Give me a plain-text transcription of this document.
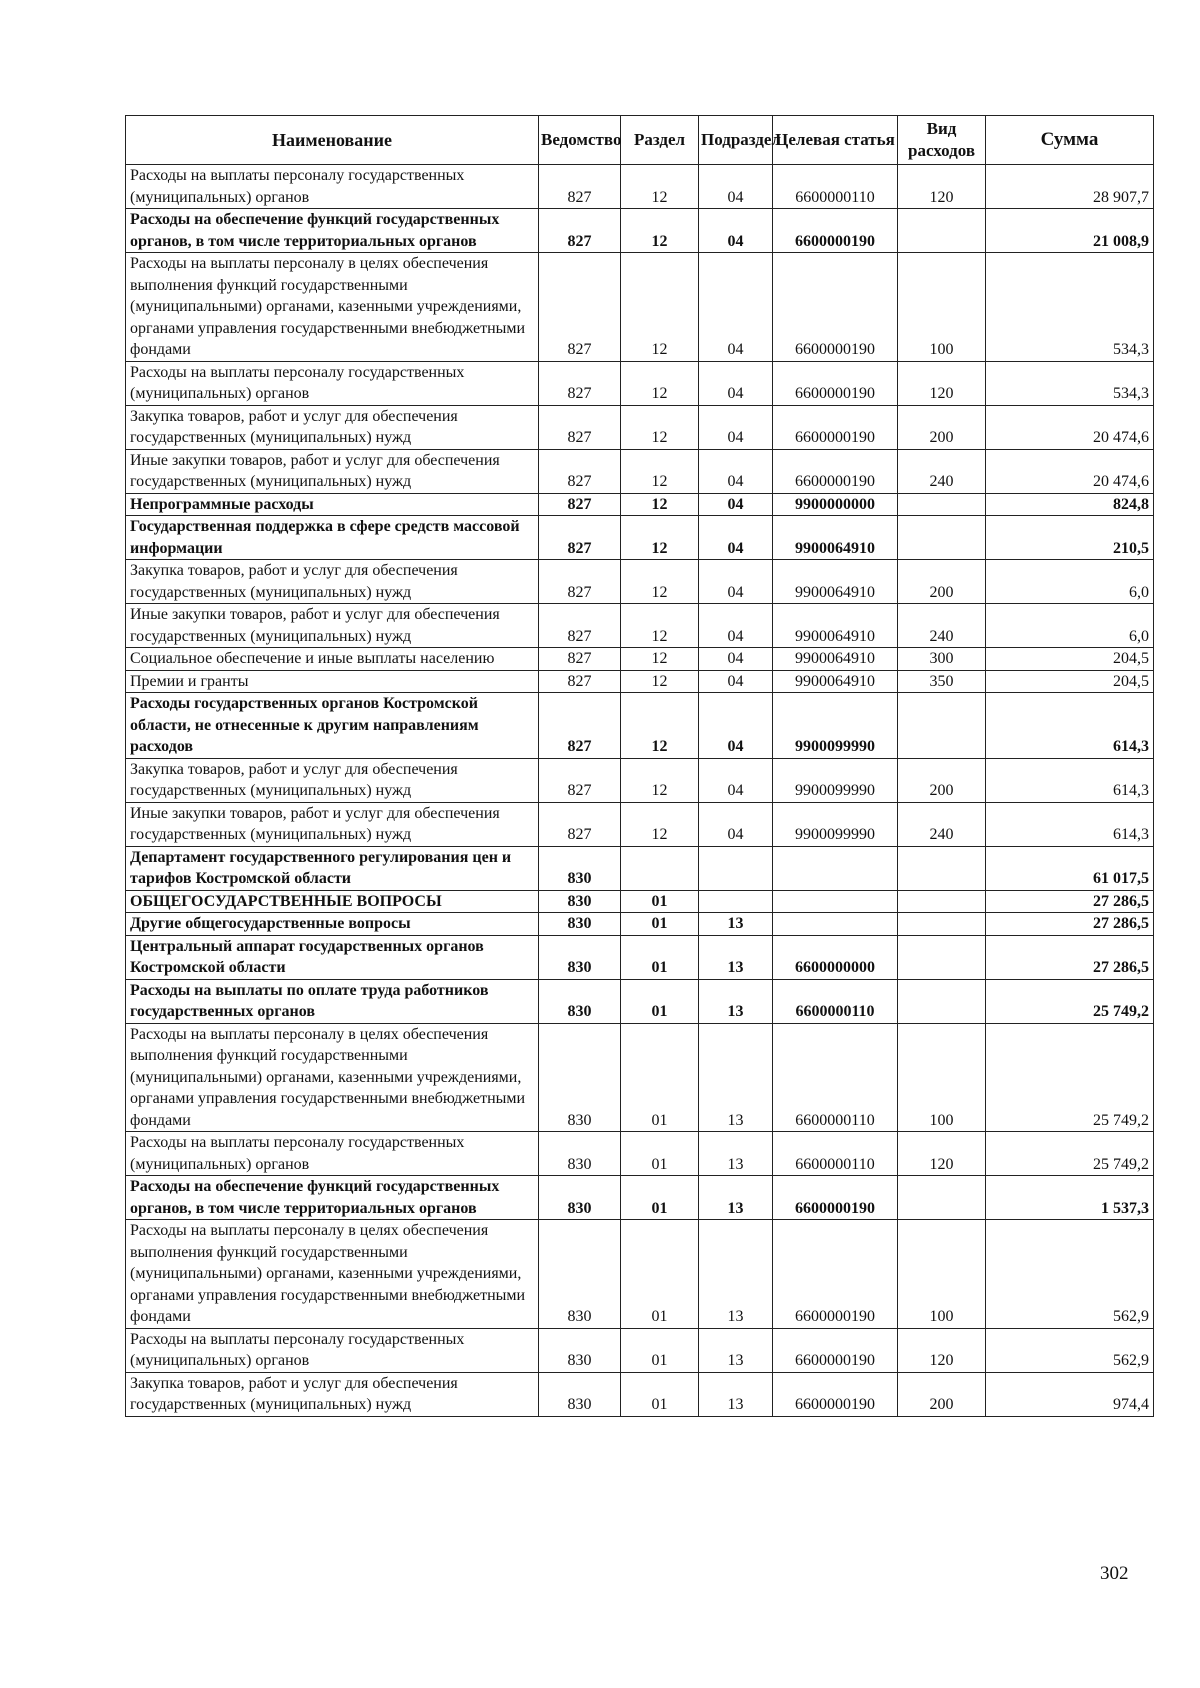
Наименование	Ведомство	Раздел	Подраздел	Целевая статья	Вид расходов	Сумма
Расходы на выплаты персоналу государственных (муниципальных) органов	827	12	04	6600000110	120	28 907,7
Расходы на обеспечение функций государственных органов, в том числе территориальных органов	827	12	04	6600000190		21 008,9
Расходы на выплаты персоналу в целях обеспечения выполнения функций государственными (муниципальными) органами, казенными учреждениями, органами управления государственными внебюджетными фондами	827	12	04	6600000190	100	534,3
Расходы на выплаты персоналу государственных (муниципальных) органов	827	12	04	6600000190	120	534,3
Закупка товаров, работ и услуг для обеспечения государственных (муниципальных) нужд	827	12	04	6600000190	200	20 474,6
Иные закупки товаров, работ и услуг для обеспечения государственных (муниципальных) нужд	827	12	04	6600000190	240	20 474,6
Непрограммные расходы	827	12	04	9900000000		824,8
Государственная поддержка в сфере средств массовой информации	827	12	04	9900064910		210,5
Закупка товаров, работ и услуг для обеспечения государственных (муниципальных) нужд	827	12	04	9900064910	200	6,0
Иные закупки товаров, работ и услуг для обеспечения государственных (муниципальных) нужд	827	12	04	9900064910	240	6,0
Социальное обеспечение и иные выплаты населению	827	12	04	9900064910	300	204,5
Премии и гранты	827	12	04	9900064910	350	204,5
Расходы государственных органов Костромской области, не отнесенные к другим направлениям расходов	827	12	04	9900099990		614,3
Закупка товаров, работ и услуг для обеспечения государственных (муниципальных) нужд	827	12	04	9900099990	200	614,3
Иные закупки товаров, работ и услуг для обеспечения государственных (муниципальных) нужд	827	12	04	9900099990	240	614,3
Департамент государственного регулирования цен и тарифов Костромской области	830					61 017,5
ОБЩЕГОСУДАРСТВЕННЫЕ ВОПРОСЫ	830	01				27 286,5
Другие общегосударственные вопросы	830	01	13			27 286,5
Центральный аппарат государственных органов Костромской области	830	01	13	6600000000		27 286,5
Расходы на выплаты по оплате труда работников государственных органов	830	01	13	6600000110		25 749,2
Расходы на выплаты персоналу в целях обеспечения выполнения функций государственными (муниципальными) органами, казенными учреждениями, органами управления государственными внебюджетными фондами	830	01	13	6600000110	100	25 749,2
Расходы на выплаты персоналу государственных (муниципальных) органов	830	01	13	6600000110	120	25 749,2
Расходы на обеспечение функций государственных органов, в том числе территориальных органов	830	01	13	6600000190		1 537,3
Расходы на выплаты персоналу в целях обеспечения выполнения функций государственными (муниципальными) органами, казенными учреждениями, органами управления государственными внебюджетными фондами	830	01	13	6600000190	100	562,9
Расходы на выплаты персоналу государственных (муниципальных) органов	830	01	13	6600000190	120	562,9
Закупка товаров, работ и услуг для обеспечения государственных (муниципальных) нужд	830	01	13	6600000190	200	974,4
302
